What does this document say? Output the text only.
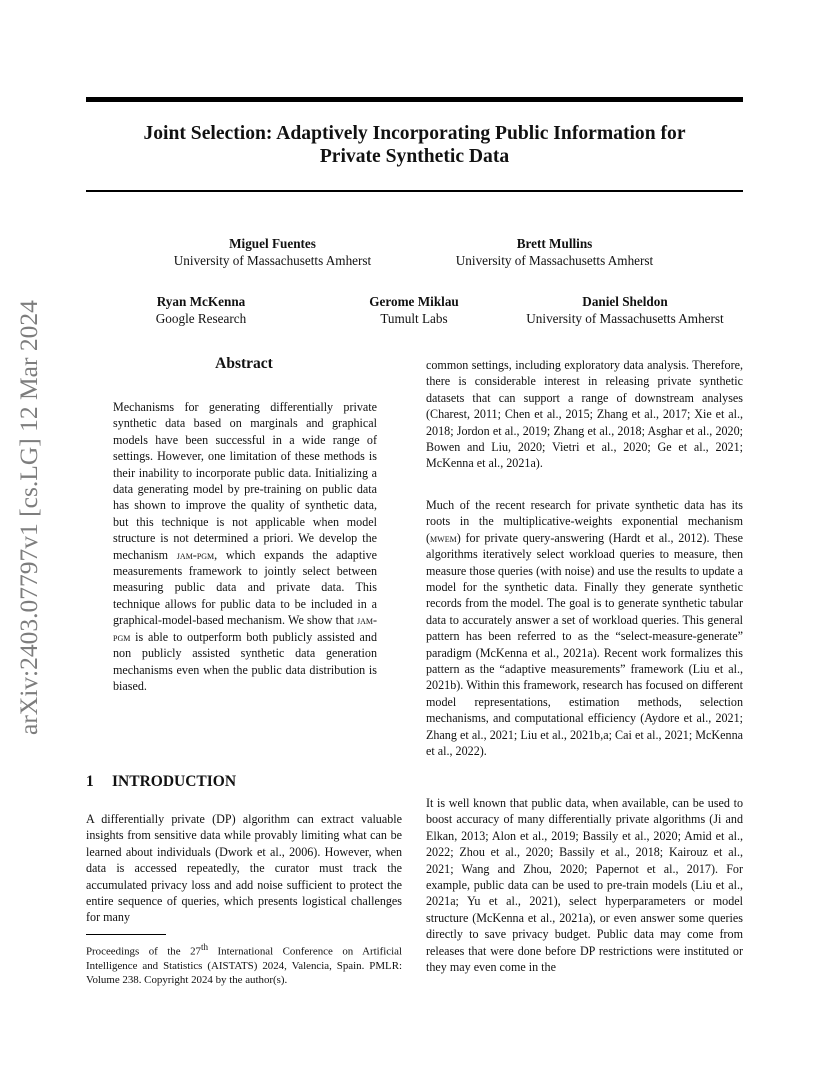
arXiv:2403.07797v1 [cs.LG] 12 Mar 2024
Joint Selection: Adaptively Incorporating Public Information for
Private Synthetic Data
Miguel Fuentes
University of Massachusetts Amherst
Brett Mullins
University of Massachusetts Amherst
Ryan McKenna
Google Research
Gerome Miklau
Tumult Labs
Daniel Sheldon
University of Massachusetts Amherst
Abstract

Mechanisms for generating differentially private synthetic data based on marginals and graphical models have been successful in a wide range of settings. However, one limitation of these methods is their inability to incorporate public data. Initializing a data generating model by pre-training on public data has shown to improve the quality of synthetic data, but this technique is not applicable when model structure is not determined a priori. We develop the mechanism jam-pgm, which expands the adaptive measurements framework to jointly select between measuring public data and private data. This technique allows for public data to be included in a graphical-model-based mechanism. We show that jam-pgm is able to outperform both publicly assisted and non publicly assisted synthetic data generation mechanisms even when the public data distribution is biased.

1 INTRODUCTION

A differentially private (DP) algorithm can extract valuable insights from sensitive data while provably limiting what can be learned about individuals (Dwork et al., 2006). However, when data is accessed repeatedly, the curator must track the accumulated privacy loss and add noise sufficient to protect the entire sequence of queries, which presents logistical challenges for many

Proceedings of the 27th International Conference on Artificial Intelligence and Statistics (AISTATS) 2024, Valencia, Spain. PMLR: Volume 238. Copyright 2024 by the author(s).

common settings, including exploratory data analysis. Therefore, there is considerable interest in releasing private synthetic datasets that can support a range of downstream analyses (Charest, 2011; Chen et al., 2015; Zhang et al., 2017; Xie et al., 2018; Jordon et al., 2019; Zhang et al., 2018; Asghar et al., 2020; Bowen and Liu, 2020; Vietri et al., 2020; Ge et al., 2021; McKenna et al., 2021a).

Much of the recent research for private synthetic data has its roots in the multiplicative-weights exponential mechanism (mwem) for private query-answering (Hardt et al., 2012). These algorithms iteratively select workload queries to measure, then measure those queries (with noise) and use the results to update a model for the synthetic data. Finally they generate synthetic records from the model. The goal is to generate synthetic tabular data to accurately answer a set of workload queries. This general pattern has been referred to as the “select-measure-generate” paradigm (McKenna et al., 2021a). Recent work formalizes this pattern as the “adaptive measurements” framework (Liu et al., 2021b). Within this framework, research has focused on different model representations, estimation methods, selection mechanisms, and computational efficiency (Aydore et al., 2021; Zhang et al., 2021; Liu et al., 2021b,a; Cai et al., 2021; McKenna et al., 2022).

It is well known that public data, when available, can be used to boost accuracy of many differentially private algorithms (Ji and Elkan, 2013; Alon et al., 2019; Bassily et al., 2020; Amid et al., 2022; Zhou et al., 2020; Bassily et al., 2018; Kairouz et al., 2021; Wang and Zhou, 2020; Papernot et al., 2017). For example, public data can be used to pre-train models (Liu et al., 2021a; Yu et al., 2021), select hyperparameters or model structure (McKenna et al., 2021a), or even answer some queries directly to save privacy budget. Public data may come from releases that were done before DP restrictions were instituted or they may even come in the
